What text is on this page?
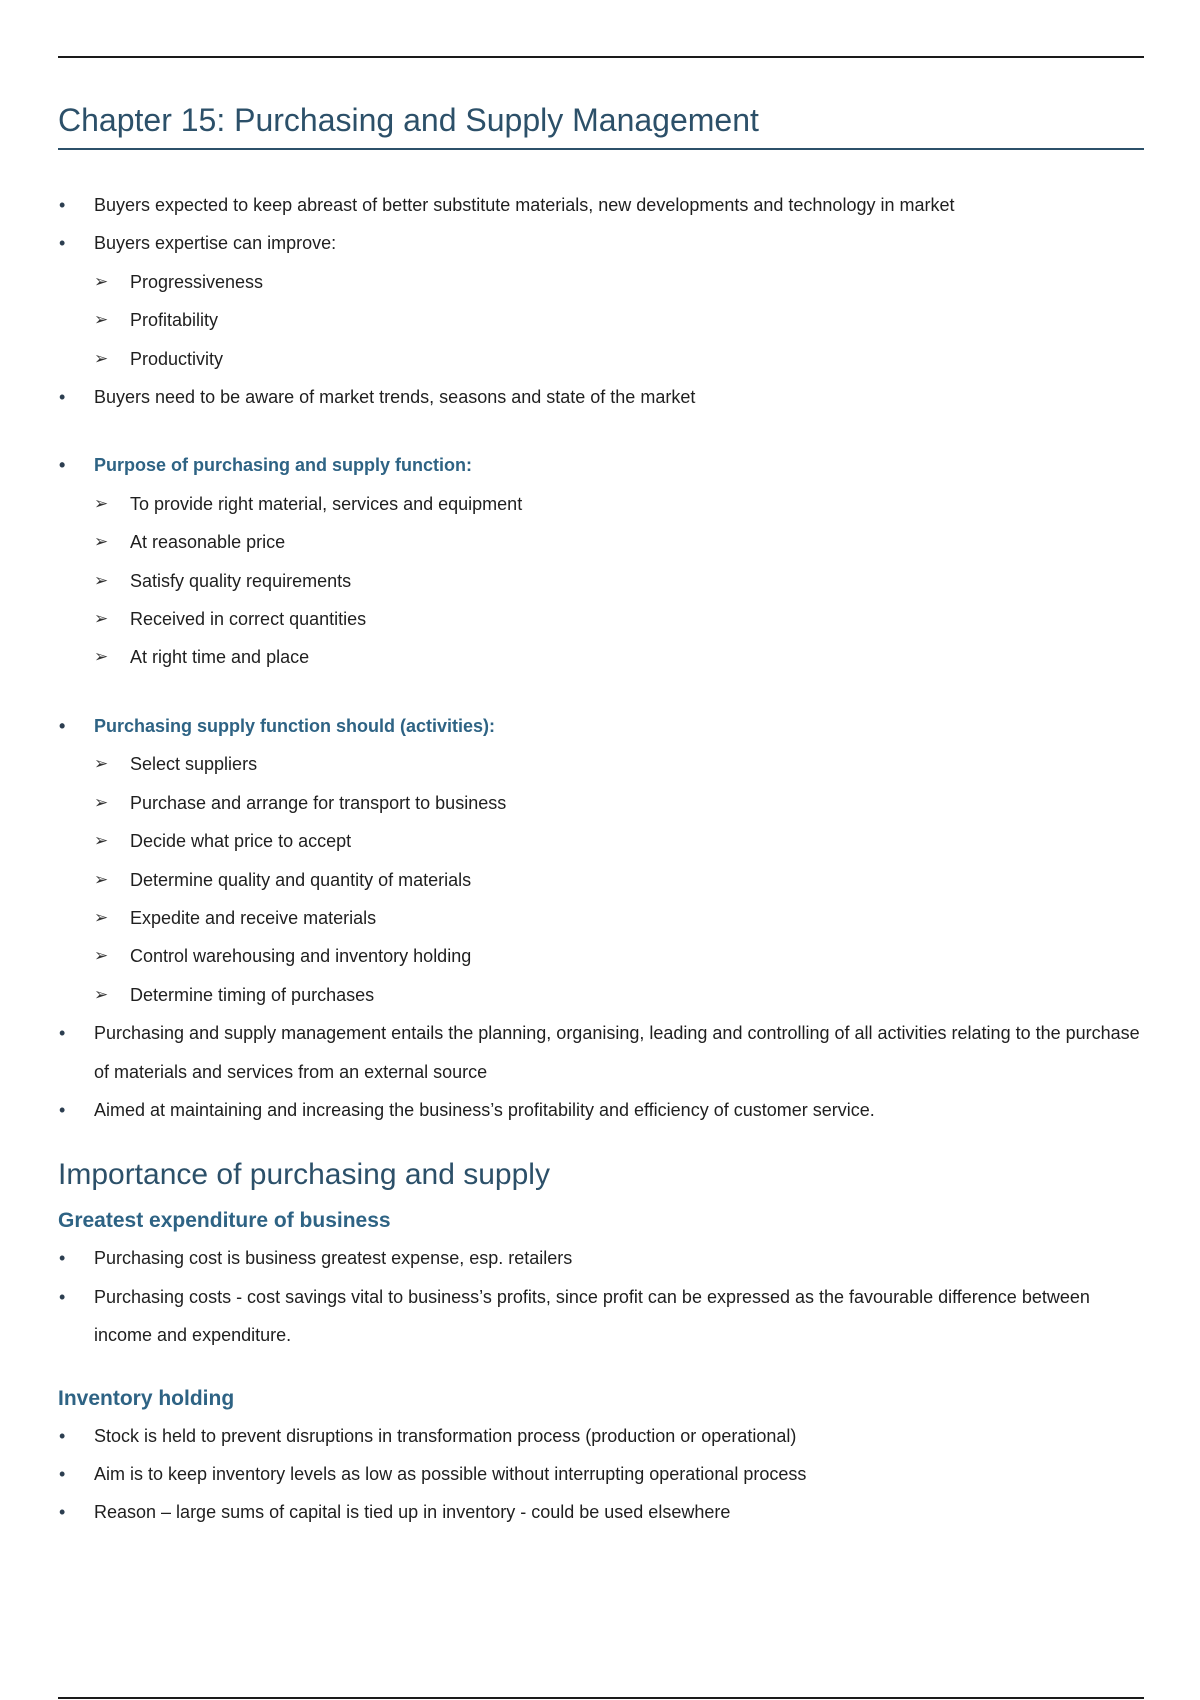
Chapter 15: Purchasing and Supply Management
•
Buyers expected to keep abreast of better substitute materials, new developments and technology in market
•
Buyers expertise can improve:
➢
Progressiveness
➢
Profitability
➢
Productivity
•
Buyers need to be aware of market trends, seasons and state of the market
•
Purpose of purchasing and supply function:
➢
To provide right material, services and equipment
➢
At reasonable price
➢
Satisfy quality requirements
➢
Received in correct quantities
➢
At right time and place
•
Purchasing supply function should (activities):
➢
Select suppliers
➢
Purchase and arrange for transport to business
➢
Decide what price to accept
➢
Determine quality and quantity of materials
➢
Expedite and receive materials
➢
Control warehousing and inventory holding
➢
Determine timing of purchases
•
Purchasing and supply management entails the planning, organising, leading and controlling of all activities relating to the purchase of materials and services from an external source
•
Aimed at maintaining and increasing the business’s profitability and efficiency of customer service.
Importance of purchasing and supply
Greatest expenditure of business
•
Purchasing cost is business greatest expense, esp. retailers
•
Purchasing costs - cost savings vital to business’s profits, since profit can be expressed as the favourable difference between income and expenditure.
Inventory holding
•
Stock is held to prevent disruptions in transformation process (production or operational)
•
Aim is to keep inventory levels as low as possible without interrupting operational process
•
Reason – large sums of capital is tied up in inventory - could be used elsewhere
